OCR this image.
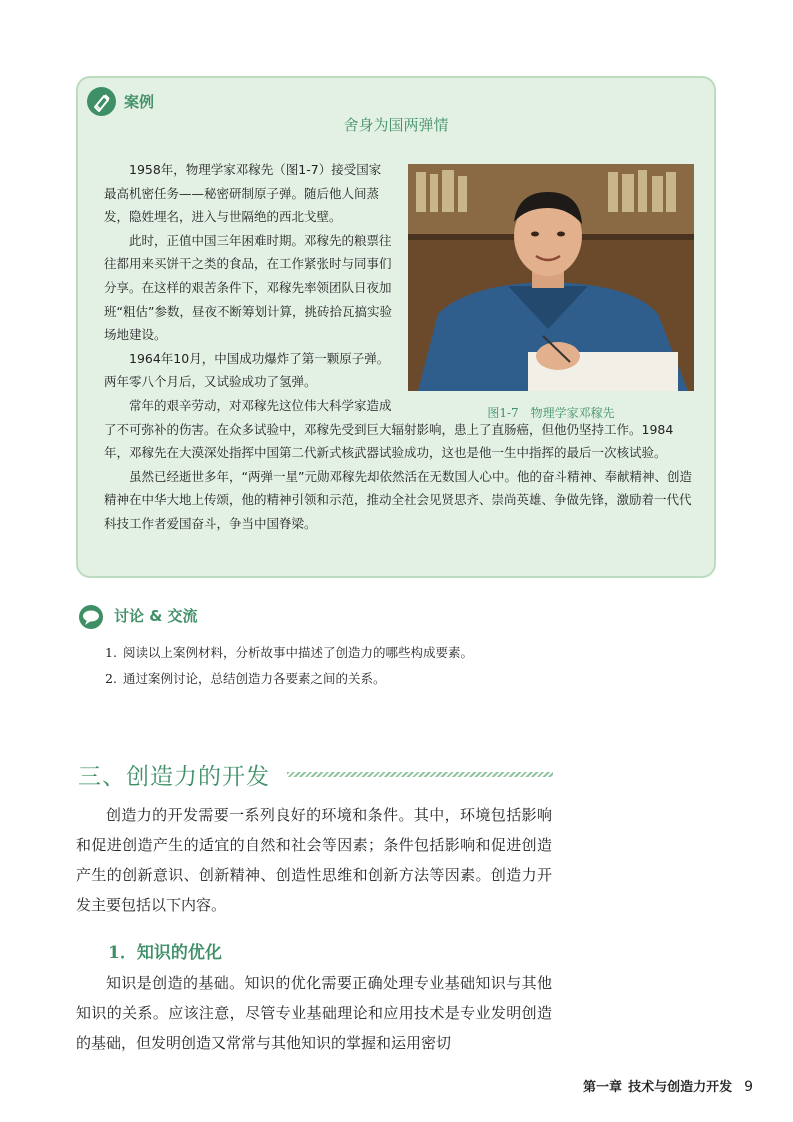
案例
舍身为国两弹情
图1-7　物理学家邓稼先

1958年，物理学家邓稼先（图1-7）接受国家最高机密任务——秘密研制原子弹。随后他人间蒸发，隐姓埋名，进入与世隔绝的西北戈壁。

此时，正值中国三年困难时期。邓稼先的粮票往往都用来买饼干之类的食品，在工作紧张时与同事们分享。在这样的艰苦条件下，邓稼先率领团队日夜加班“粗估”参数，昼夜不断筹划计算，挑砖拾瓦搞实验场地建设。

1964年10月，中国成功爆炸了第一颗原子弹。两年零八个月后，又试验成功了氢弹。

常年的艰辛劳动，对邓稼先这位伟大科学家造成了不可弥补的伤害。在众多试验中，邓稼先受到巨大辐射影响，患上了直肠癌，但他仍坚持工作。1984年，邓稼先在大漠深处指挥中国第二代新式核武器试验成功，这也是他一生中指挥的最后一次核试验。

虽然已经逝世多年，“两弹一星”元勋邓稼先却依然活在无数国人心中。他的奋斗精神、奉献精神、创造精神在中华大地上传颂，他的精神引领和示范，推动全社会见贤思齐、崇尚英雄、争做先锋，激励着一代代科技工作者爱国奋斗，争当中国脊梁。

讨论 & 交流
1. 阅读以上案例材料，分析故事中描述了创造力的哪些构成要素。
2. 通过案例讨论，总结创造力各要素之间的关系。
三、创造力的开发

创造力的开发需要一系列良好的环境和条件。其中，环境包括影响和促进创造产生的适宜的自然和社会等因素；条件包括影响和促进创造产生的创新意识、创新精神、创造性思维和创新方法等因素。创造力开发主要包括以下内容。

1．知识的优化

知识是创造的基础。知识的优化需要正确处理专业基础知识与其他知识的关系。应该注意，尽管专业基础理论和应用技术是专业发明创造的基础，但发明创造又常常与其他知识的掌握和运用密切

第一章 技术与创造力开发 9
